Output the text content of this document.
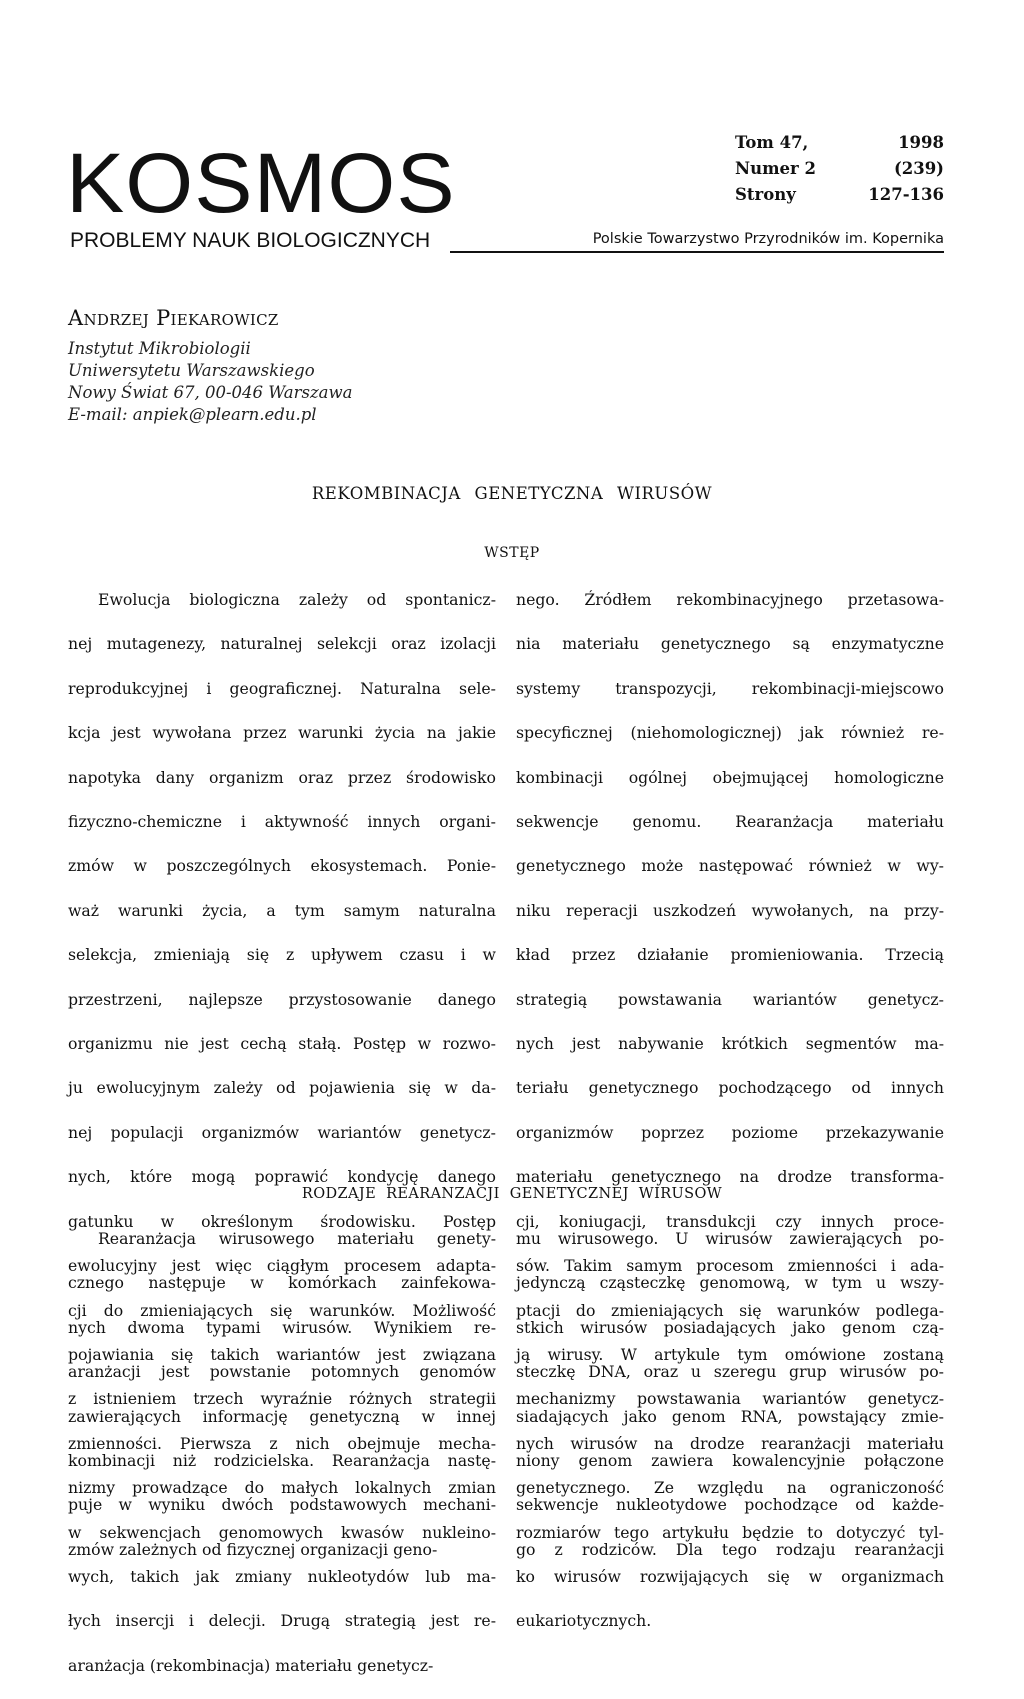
KOSMOS
PROBLEMY NAUK BIOLOGICZNYCH	Polskie Towarzystwo Przyrodników im. Kopernika
Tom 47,	1998
Numer 2	(239)
Strony	127-136
Andrzej Piekarowicz
Instytut Mikrobiologii
Uniwersytetu Warszawskiego
Nowy Świat 67, 00-046 Warszawa
E-mail: anpiek@plearn.edu.pl
REKOMBINACJA GENETYCZNA WIRUSÓW
WSTĘP

Ewolucja biologiczna zależy od spontanicz-

nej mutagenezy, naturalnej selekcji oraz izolacji

reprodukcyjnej i geograficznej. Naturalna sele-

kcja jest wywołana przez warunki życia na jakie

napotyka dany organizm oraz przez środowisko

fizyczno-chemiczne i aktywność innych organi-

zmów w poszczególnych ekosystemach. Ponie-

waż warunki życia, a tym samym naturalna

selekcja, zmieniają się z upływem czasu i w

przestrzeni, najlepsze przystosowanie danego

organizmu nie jest cechą stałą. Postęp w rozwo-

ju ewolucyjnym zależy od pojawienia się w da-

nej populacji organizmów wariantów genetycz-

nych, które mogą poprawić kondycję danego

gatunku w określonym środowisku. Postęp

ewolucyjny jest więc ciągłym procesem adapta-

cji do zmieniających się warunków. Możliwość

pojawiania się takich wariantów jest związana

z istnieniem trzech wyraźnie różnych strategii

zmienności. Pierwsza z nich obejmuje mecha-

nizmy prowadzące do małych lokalnych zmian

w sekwencjach genomowych kwasów nukleino-

wych, takich jak zmiany nukleotydów lub ma-

łych insercji i delecji. Drugą strategią jest re-

aranżacja (rekombinacja) materiału genetycz-

nego. Źródłem rekombinacyjnego przetasowa-

nia materiału genetycznego są enzymatyczne

systemy transpozycji, rekombinacji-miejscowo

specyficznej (niehomologicznej) jak również re-

kombinacji ogólnej obejmującej homologiczne

sekwencje genomu. Rearanżacja materiału

genetycznego może następować również w wy-

niku reperacji uszkodzeń wywołanych, na przy-

kład przez działanie promieniowania. Trzecią

strategią powstawania wariantów genetycz-

nych jest nabywanie krótkich segmentów ma-

teriału genetycznego pochodzącego od innych

organizmów poprzez poziome przekazywanie

materiału genetycznego na drodze transforma-

cji, koniugacji, transdukcji czy innych proce-

sów. Takim samym procesom zmienności i ada-

ptacji do zmieniających się warunków podlega-

ją wirusy. W artykule tym omówione zostaną

mechanizmy powstawania wariantów genetycz-

nych wirusów na drodze rearanżacji materiału

genetycznego. Ze względu na ograniczoność

rozmiarów tego artykułu będzie to dotyczyć tyl-

ko wirusów rozwijających się w organizmach

eukariotycznych.

RODZAJE REARANZACJI GENETYCZNEJ WIRUSOW

Rearanżacja wirusowego materiału genety-

cznego następuje w komórkach zainfekowa-

nych dwoma typami wirusów. Wynikiem re-

aranżacji jest powstanie potomnych genomów

zawierających informację genetyczną w innej

kombinacji niż rodzicielska. Rearanżacja nastę-

puje w wyniku dwóch podstawowych mechani-

zmów zależnych od fizycznej organizacji geno-

mu wirusowego. U wirusów zawierających po-

jedynczą cząsteczkę genomową, w tym u wszy-

stkich wirusów posiadających jako genom czą-

steczkę DNA, oraz u szeregu grup wirusów po-

siadających jako genom RNA, powstający zmie-

niony genom zawiera kowalencyjnie połączone

sekwencje nukleotydowe pochodzące od każde-

go z rodziców. Dla tego rodzaju rearanżacji
